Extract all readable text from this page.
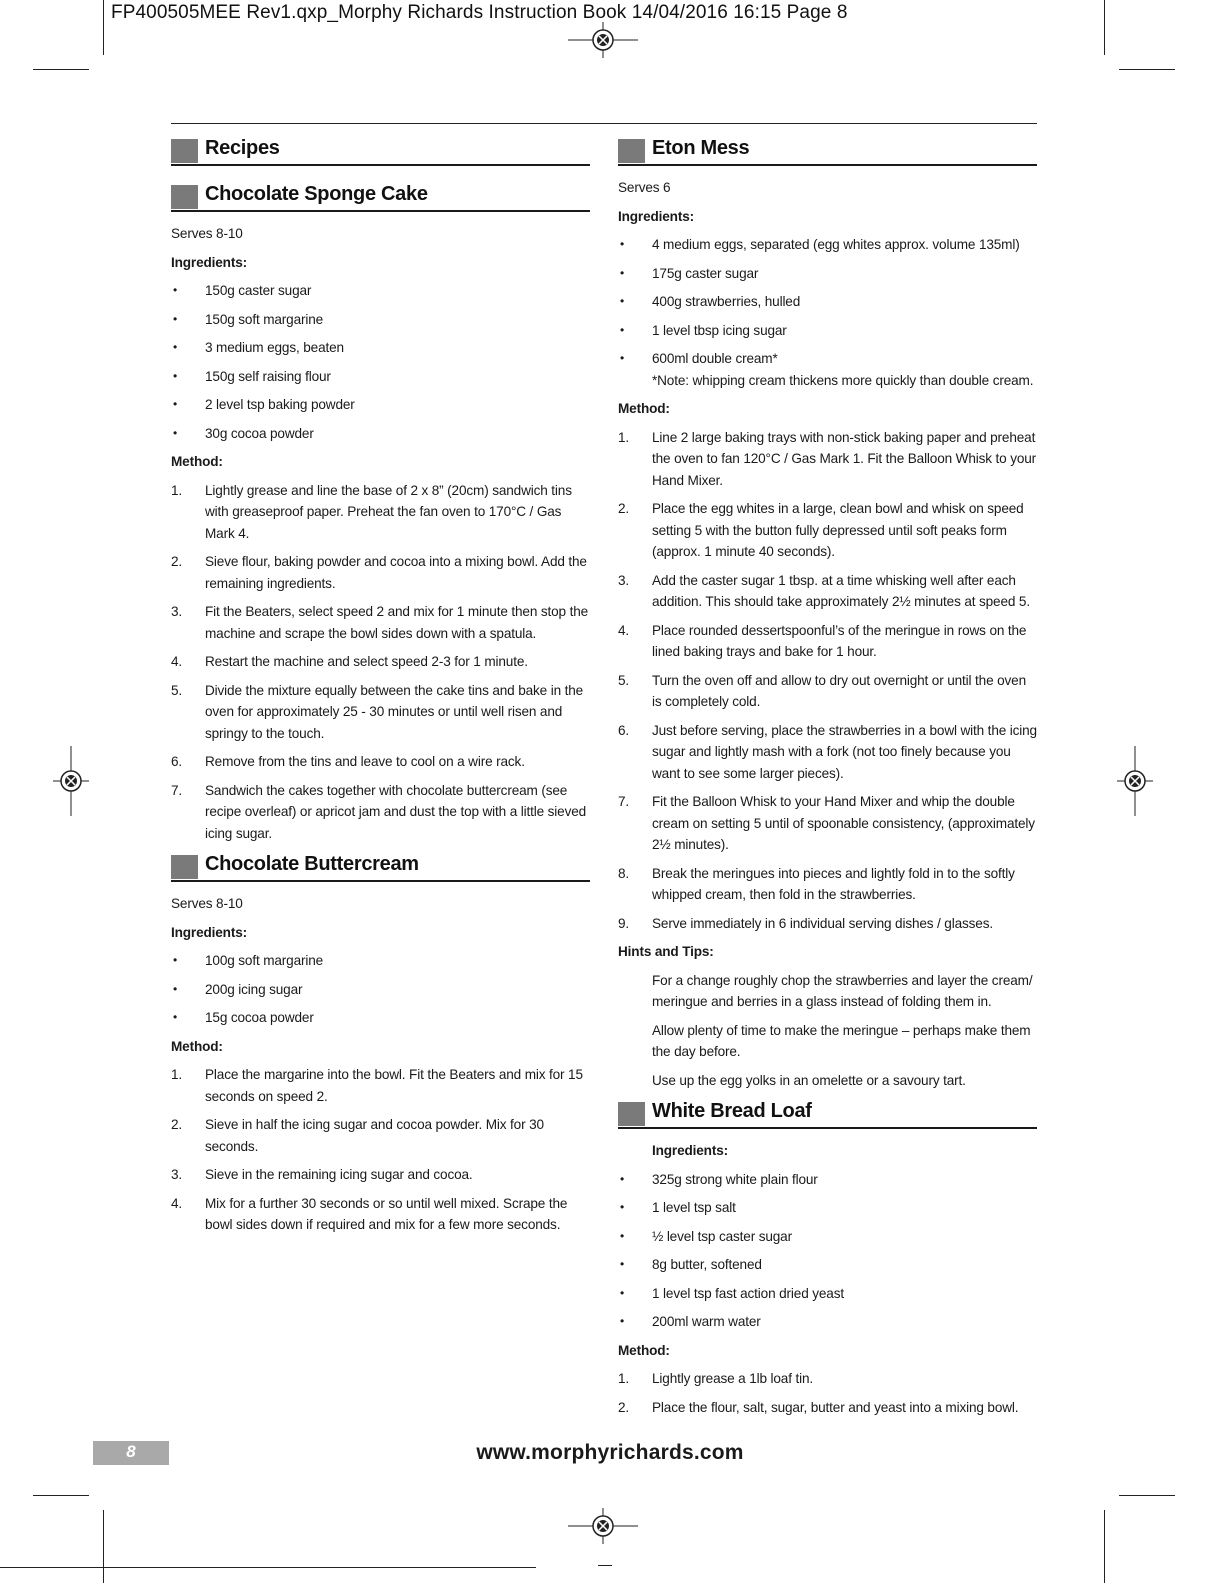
FP400505MEE Rev1.qxp_Morphy Richards Instruction Book 14/04/2016 16:15 Page 8
Recipes
Chocolate Sponge Cake
Serves 8-10
Ingredients:
• 150g caster sugar
• 150g soft margarine
• 3 medium eggs, beaten
• 150g self raising flour
• 2 level tsp baking powder
• 30g cocoa powder
Method:
1. Lightly grease and line the base of 2 x 8” (20cm) sandwich tins with greaseproof paper. Preheat the fan oven to 170°C / Gas Mark 4.
2. Sieve flour, baking powder and cocoa into a mixing bowl. Add the remaining ingredients.
3. Fit the Beaters, select speed 2 and mix for 1 minute then stop the machine and scrape the bowl sides down with a spatula.
4. Restart the machine and select speed 2-3 for 1 minute.
5. Divide the mixture equally between the cake tins and bake in the oven for approximately 25 - 30 minutes or until well risen and springy to the touch.
6. Remove from the tins and leave to cool on a wire rack.
7. Sandwich the cakes together with chocolate buttercream (see recipe overleaf) or apricot jam and dust the top with a little sieved icing sugar.
Chocolate Buttercream
Serves 8-10
Ingredients:
• 100g soft margarine
• 200g icing sugar
• 15g cocoa powder
Method:
1. Place the margarine into the bowl. Fit the Beaters and mix for 15 seconds on speed 2.
2. Sieve in half the icing sugar and cocoa powder. Mix for 30 seconds.
3. Sieve in the remaining icing sugar and cocoa.
4. Mix for a further 30 seconds or so until well mixed. Scrape the bowl sides down if required and mix for a few more seconds.
Eton Mess
Serves 6
Ingredients:
• 4 medium eggs, separated (egg whites approx. volume 135ml)
• 175g caster sugar
• 400g strawberries, hulled
• 1 level tbsp icing sugar
• 600ml double cream*
*Note: whipping cream thickens more quickly than double cream.
Method:
1. Line 2 large baking trays with non-stick baking paper and preheat the oven to fan 120°C / Gas Mark 1. Fit the Balloon Whisk to your Hand Mixer.
2. Place the egg whites in a large, clean bowl and whisk on speed setting 5 with the button fully depressed until soft peaks form (approx. 1 minute 40 seconds).
3. Add the caster sugar 1 tbsp. at a time whisking well after each addition. This should take approximately 2½ minutes at speed 5.
4. Place rounded dessertspoonful’s of the meringue in rows on the lined baking trays and bake for 1 hour.
5. Turn the oven off and allow to dry out overnight or until the oven is completely cold.
6. Just before serving, place the strawberries in a bowl with the icing sugar and lightly mash with a fork (not too finely because you want to see some larger pieces).
7. Fit the Balloon Whisk to your Hand Mixer and whip the double cream on setting 5 until of spoonable consistency, (approximately 2½ minutes).
8. Break the meringues into pieces and lightly fold in to the softly whipped cream, then fold in the strawberries.
9. Serve immediately in 6 individual serving dishes / glasses.
Hints and Tips:
For a change roughly chop the strawberries and layer the cream/ meringue and berries in a glass instead of folding them in.
Allow plenty of time to make the meringue – perhaps make them the day before.
Use up the egg yolks in an omelette or a savoury tart.
White Bread Loaf
Ingredients:
• 325g strong white plain flour
• 1 level tsp salt
• ½ level tsp caster sugar
• 8g butter, softened
• 1 level tsp fast action dried yeast
• 200ml warm water
Method:
1. Lightly grease a 1lb loaf tin.
2. Place the flour, salt, sugar, butter and yeast into a mixing bowl.
8	www.morphyrichards.com
